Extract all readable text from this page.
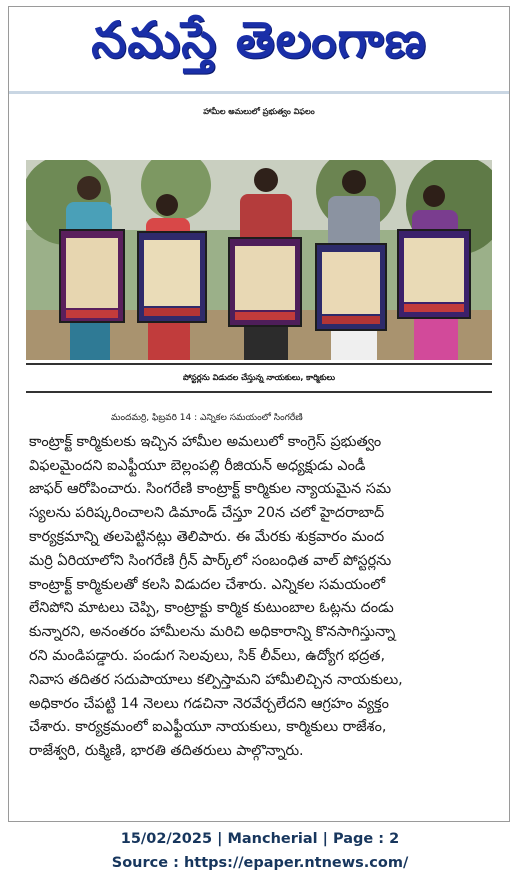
నమస్తే తెలంగాణ
హామీల అమలులో ప్రభుత్వం విఫలం
పోస్టర్లను విడుదల చేస్తున్న నాయకులు, కార్మికులు
మందమర్రి, ఫిబ్రవరి 14 : ఎన్నికల సమయంలో సింగరేణి
కాంట్రాక్ట్ కార్మికులకు ఇచ్చిన హామీల అమలులో కాంగ్రెస్ ప్రభుత్వం
విఫలమైందని ఐఎఫ్టీయూ బెల్లంపల్లి రీజియన్ అధ్యక్షుడు ఎండీ
జాఫర్ ఆరోపించారు. సింగరేణి కాంట్రాక్ట్ కార్మికుల న్యాయమైన సమ
స్యలను పరిష్కరించాలని డిమాండ్ చేస్తూ 20న చలో హైదరాబాద్
కార్యక్రమాన్ని తలపెట్టినట్లు తెలిపారు. ఈ మేరకు శుక్రవారం మంద
మర్రి ఏరియాలోని సింగరేణి గ్రీన్ పార్క్‌లో సంబంధిత వాల్ పోస్టర్లను
కాంట్రాక్ట్ కార్మికులతో కలసి విడుదల చేశారు. ఎన్నికల సమయంలో
లేనిపోని మాటలు చెప్పి, కాంట్రాక్టు కార్మిక కుటుంబాల ఓట్లను దండు
కున్నారని, అనంతరం హామీలను మరిచి అధికారాన్ని కొనసాగిస్తున్నా
రని మండిపడ్డారు. పండుగ సెలవులు, సిక్ లీవ్‌లు, ఉద్యోగ భద్రత,
నివాస తదితర సదుపాయాలు కల్పిస్తామని హామీలిచ్చిన నాయకులు,
అధికారం చేపట్టి 14 నెలలు గడచినా నెరవేర్చలేదని ఆగ్రహం వ్యక్తం
చేశారు. కార్యక్రమంలో ఐఎఫ్టీయూ నాయకులు, కార్మికులు రాజేశం,
రాజేశ్వరి, రుక్మిణి, భారతి తదితరులు పాల్గొన్నారు.
15/02/2025 | Mancherial | Page : 2
Source : https://epaper.ntnews.com/
